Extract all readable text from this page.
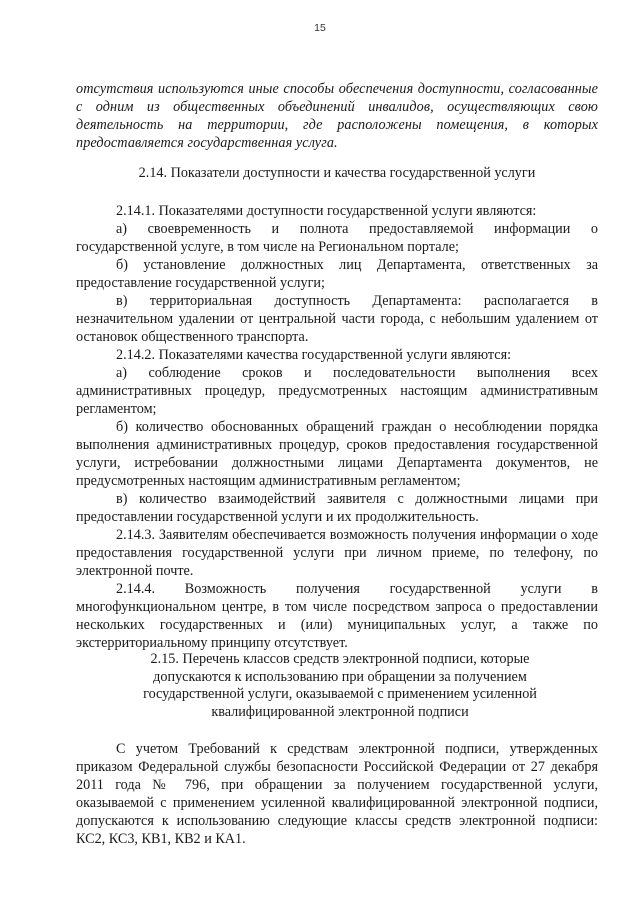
15
отсутствия используются иные способы обеспечения доступности, согласованные с одним из общественных объединений инвалидов, осуществляющих свою деятельность на территории, где расположены помещения, в которых предоставляется государственная услуга.
2.14. Показатели доступности и качества государственной услуги

2.14.1. Показателями доступности государственной услуги являются:

а) своевременность и полнота предоставляемой информации о государственной услуге, в том числе на Региональном портале;

б) установление должностных лиц Департамента, ответственных за предоставление государственной услуги;

в) территориальная доступность Департамента: располагается в незначительном удалении от центральной части города, с небольшим удалением от остановок общественного транспорта.

2.14.2. Показателями качества государственной услуги являются:

а) соблюдение сроков и последовательности выполнения всех административных процедур, предусмотренных настоящим административным регламентом;

б) количество обоснованных обращений граждан о несоблюдении порядка выполнения административных процедур, сроков предоставления государственной услуги, истребовании должностными лицами Департамента документов, не предусмотренных настоящим административным регламентом;

в) количество взаимодействий заявителя с должностными лицами при предоставлении государственной услуги и их продолжительность.

2.14.3. Заявителям обеспечивается возможность получения информации о ходе предоставления государственной услуги при личном приеме, по телефону, по электронной почте.

2.14.4. Возможность получения государственной услуги в многофункциональном центре, в том числе посредством запроса о предоставлении нескольких государственных и (или) муниципальных услуг, а также по экстерриториальному принципу отсутствует.

2.15. Перечень классов средств электронной подписи, которые допускаются к использованию при обращении за получением государственной услуги, оказываемой с применением усиленной квалифицированной электронной подписи

С учетом Требований к средствам электронной подписи, утвержденных приказом Федеральной службы безопасности Российской Федерации от 27 декабря 2011 года № 796, при обращении за получением государственной услуги, оказываемой с применением усиленной квалифицированной электронной подписи, допускаются к использованию следующие классы средств электронной подписи: КС2, КС3, КВ1, КВ2 и КА1.
